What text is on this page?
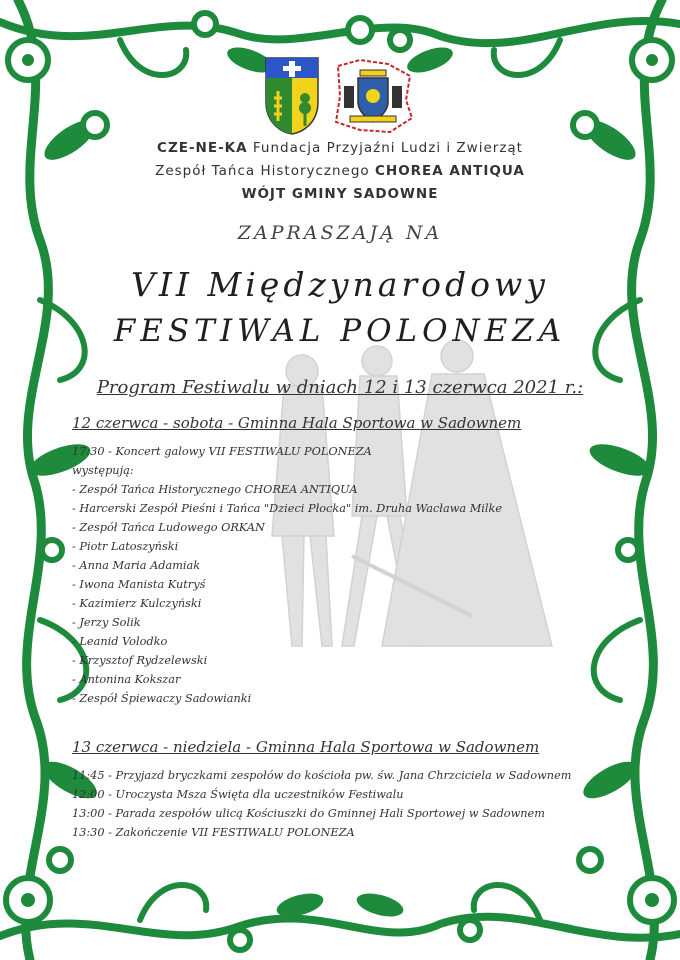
CZE-NE-KA Fundacja Przyjaźni Ludzi i Zwierząt
Zespół Tańca Historycznego CHOREA ANTIQUA
WÓJT GMINY SADOWNE
ZAPRASZAJĄ NA
VII Międzynarodowy
FESTIWAL POLONEZA
Program Festiwalu w dniach 12 i 13 czerwca 2021 r.:
12 czerwca - sobota - Gminna Hala Sportowa w Sadownem
17:30 - Koncert galowy VII FESTIWALU POLONEZA
występują:
- Zespół Tańca Historycznego CHOREA ANTIQUA
- Harcerski Zespół Pieśni i Tańca "Dzieci Płocka" im. Druha Wacława Milke
- Zespół Tańca Ludowego ORKAN
- Piotr Latoszyński
- Anna Maria Adamiak
- Iwona Manista Kutryś
- Kazimierz Kulczyński
- Jerzy Solik
- Leanid Volodko
- Krzysztof Rydzelewski
- Antonina Kokszar
- Zespół Śpiewaczy Sadowianki
13 czerwca - niedziela - Gminna Hala Sportowa w Sadownem
11:45 - Przyjazd bryczkami zespołów do kościoła pw. św. Jana Chrzciciela w Sadownem
12:00 - Uroczysta Msza Święta dla uczestników Festiwalu
13:00 - Parada zespołów ulicą Kościuszki do Gminnej Hali Sportowej w Sadownem
13:30 - Zakończenie VII FESTIWALU POLONEZA
